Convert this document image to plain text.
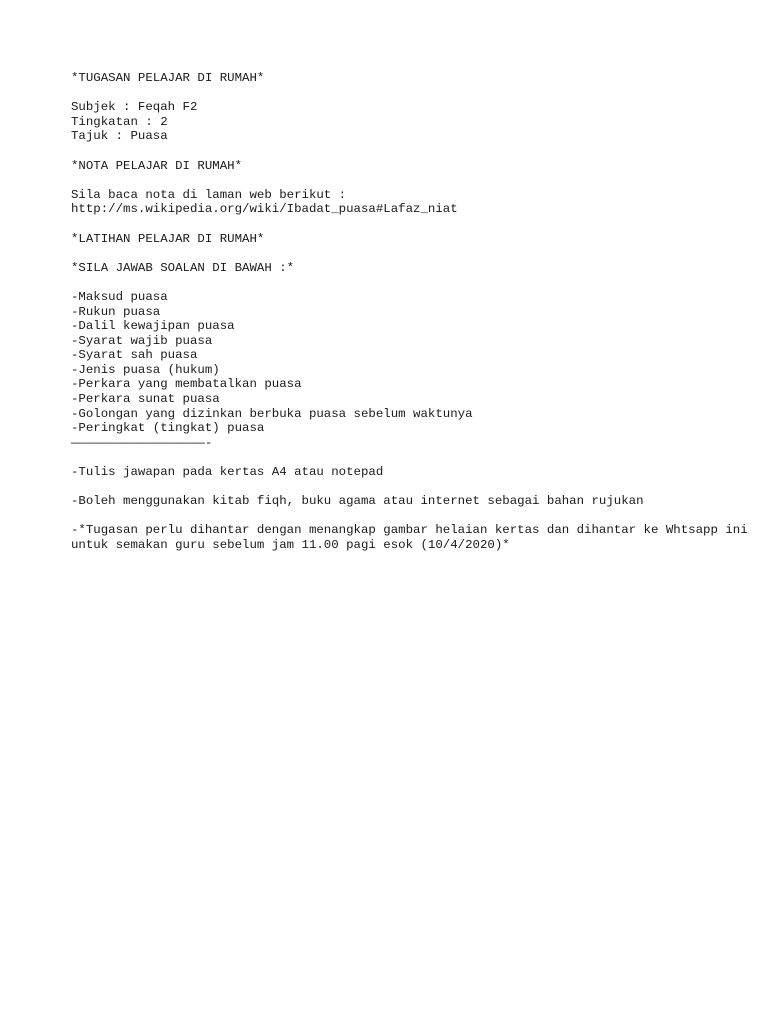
*TUGASAN PELAJAR DI RUMAH*
Subjek : Feqah F2
Tingkatan : 2
Tajuk : Puasa
*NOTA PELAJAR DI RUMAH*
Sila baca nota di laman web berikut :
http://ms.wikipedia.org/wiki/Ibadat_puasa#Lafaz_niat
*LATIHAN PELAJAR DI RUMAH*
*SILA JAWAB SOALAN DI BAWAH :*
-Maksud puasa
-Rukun puasa
-Dalil kewajipan puasa
-Syarat wajib puasa
-Syarat sah puasa
-Jenis puasa (hukum)
-Perkara yang membatalkan puasa
-Perkara sunat puasa
-Golongan yang dizinkan berbuka puasa sebelum waktunya
-Peringkat (tingkat) puasa
——————————————————-
-Tulis jawapan pada kertas A4 atau notepad
-Boleh menggunakan kitab fiqh, buku agama atau internet sebagai bahan rujukan
-*Tugasan perlu dihantar dengan menangkap gambar helaian kertas dan dihantar ke Whtsapp ini untuk semakan guru sebelum jam 11.00 pagi esok (10/4/2020)*
